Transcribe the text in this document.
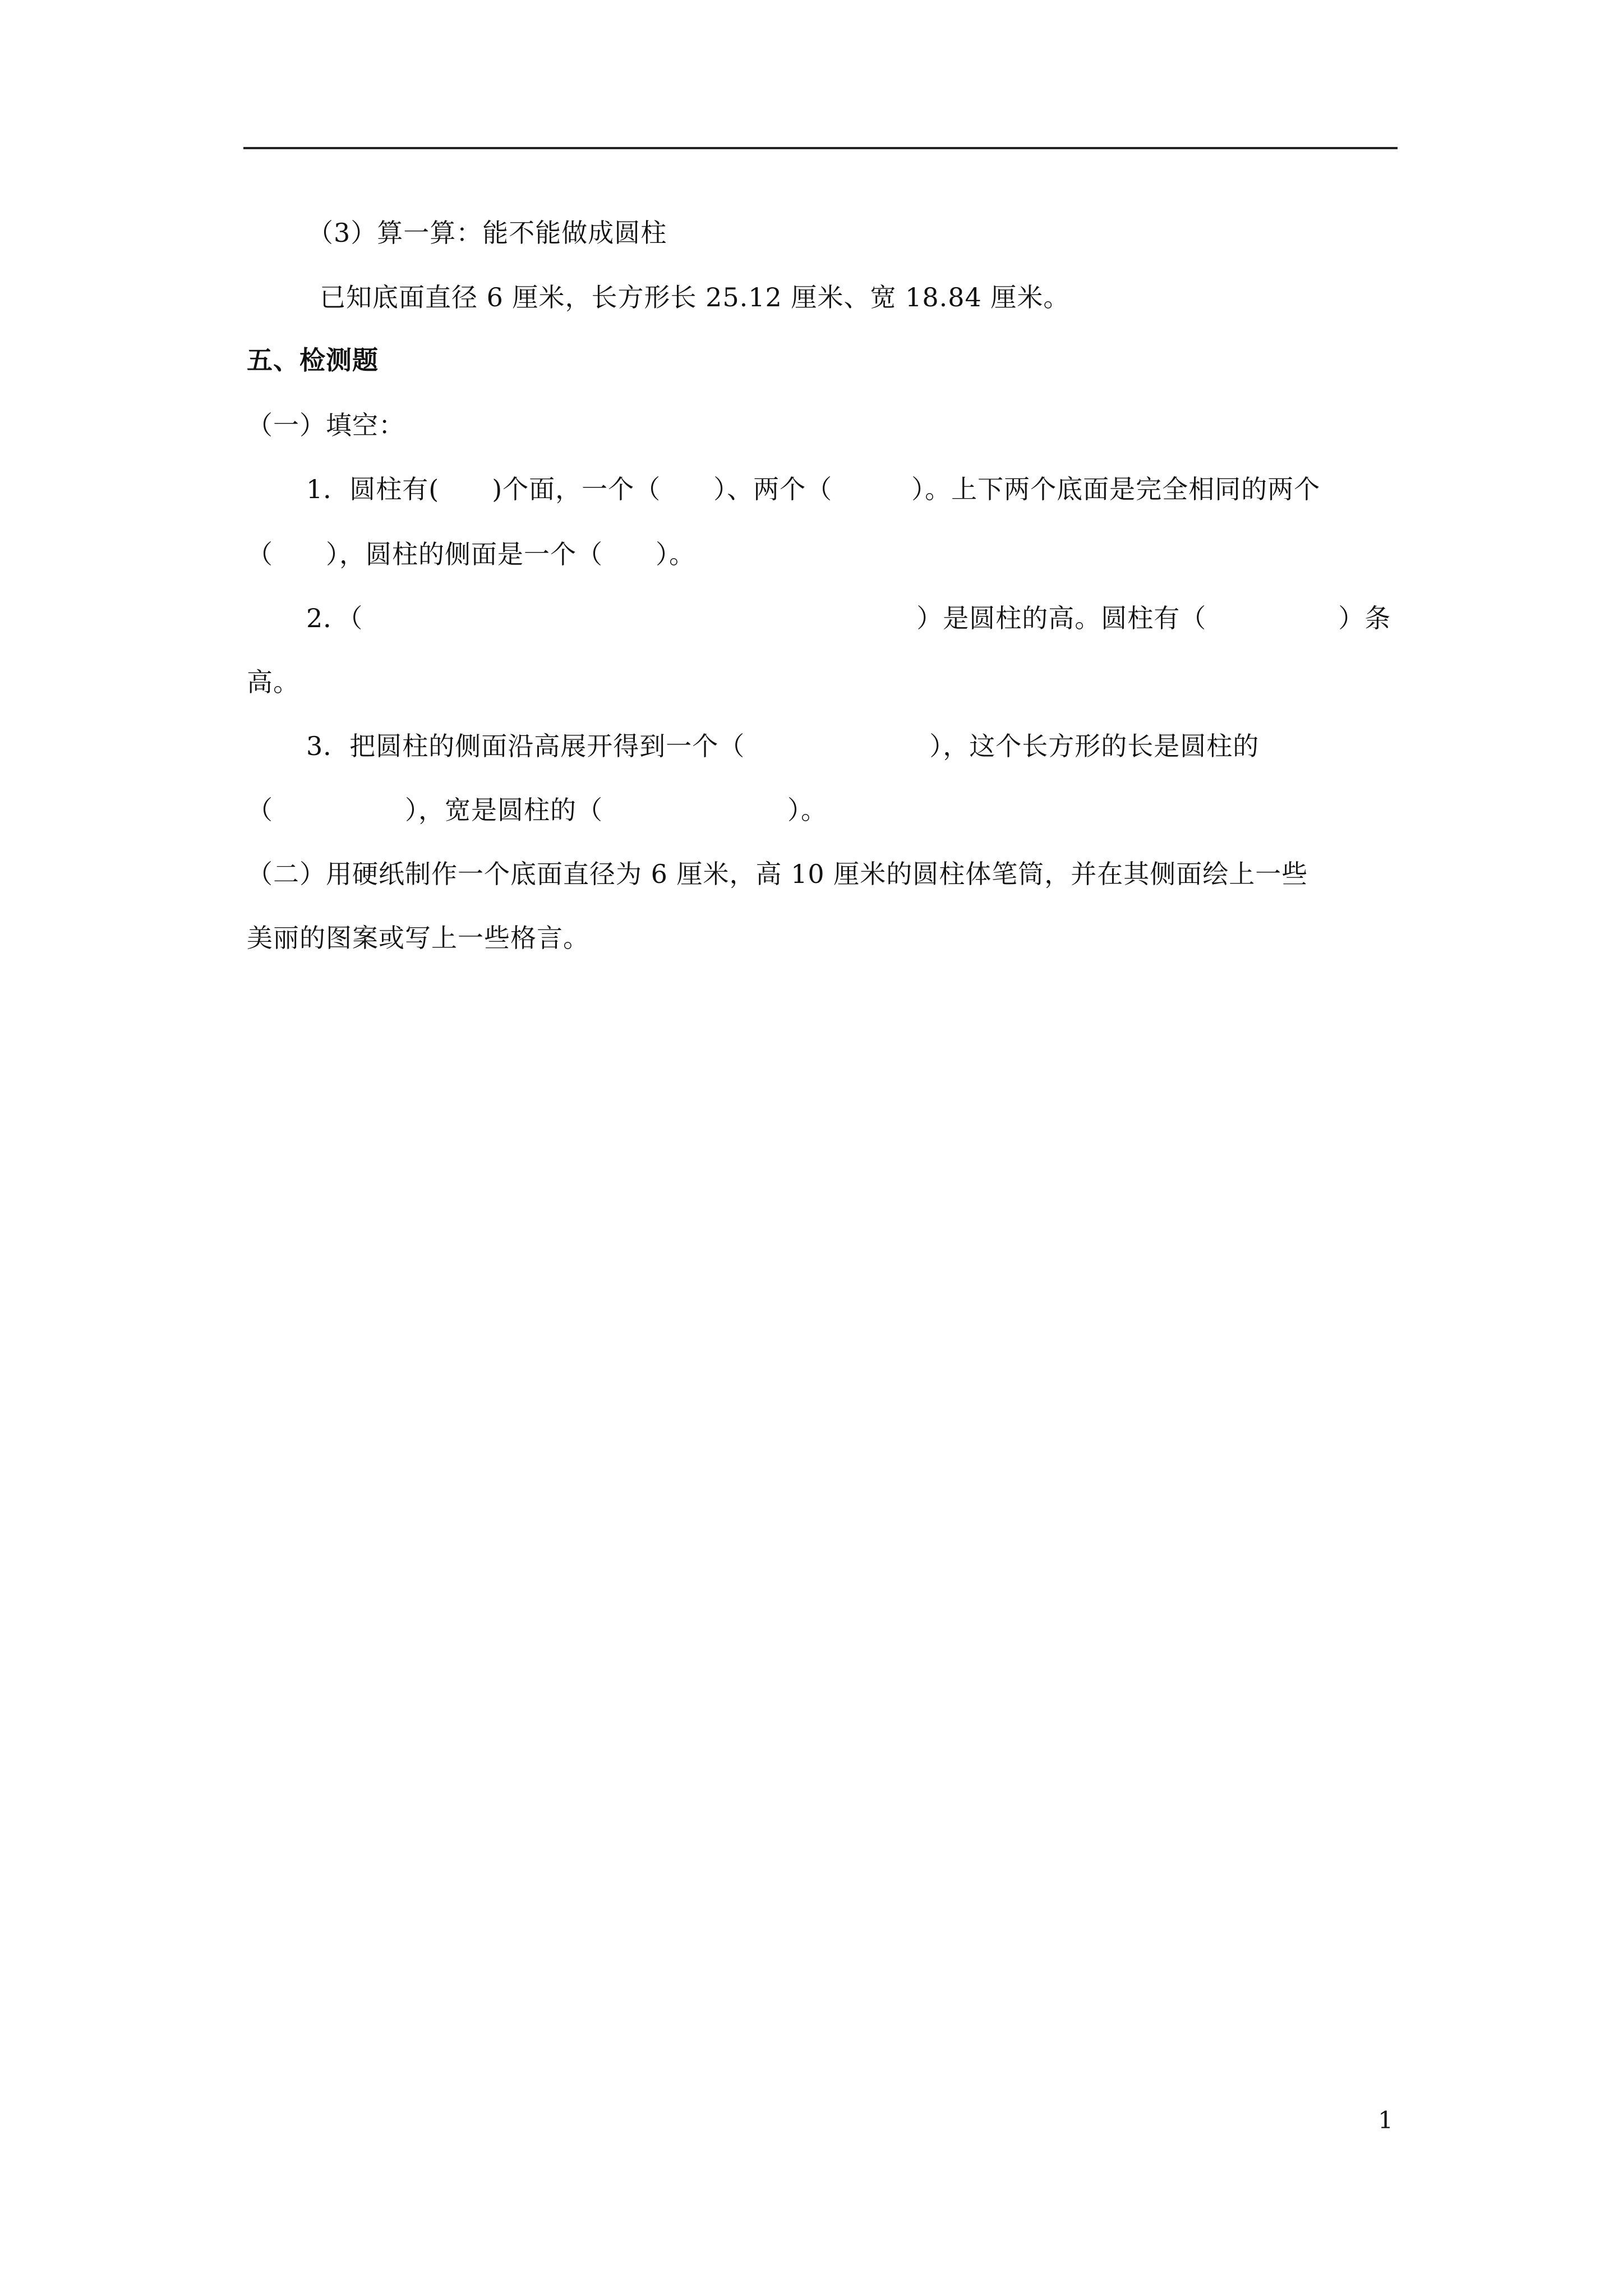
（3）算一算：能不能做成圆柱
已知底面直径 6 厘米，长方形长 25.12 厘米、宽 18.84 厘米。
五、检测题
（一）填空：
1．圆柱有(　　)个面，一个（　　）、两个（　　　）。上下两个底面是完全相同的两个
（　　），圆柱的侧面是一个（　　）。
2．（　　　　　　　　　　　　　　　　　　　　　）是圆柱的高。圆柱有（　　　　　）条
高。
3．把圆柱的侧面沿高展开得到一个（　　　　　　　），这个长方形的长是圆柱的
（　　　　　），宽是圆柱的（　　　　　　　）。
（二）用硬纸制作一个底面直径为 6 厘米，高 10 厘米的圆柱体笔筒，并在其侧面绘上一些
美丽的图案或写上一些格言。
1
